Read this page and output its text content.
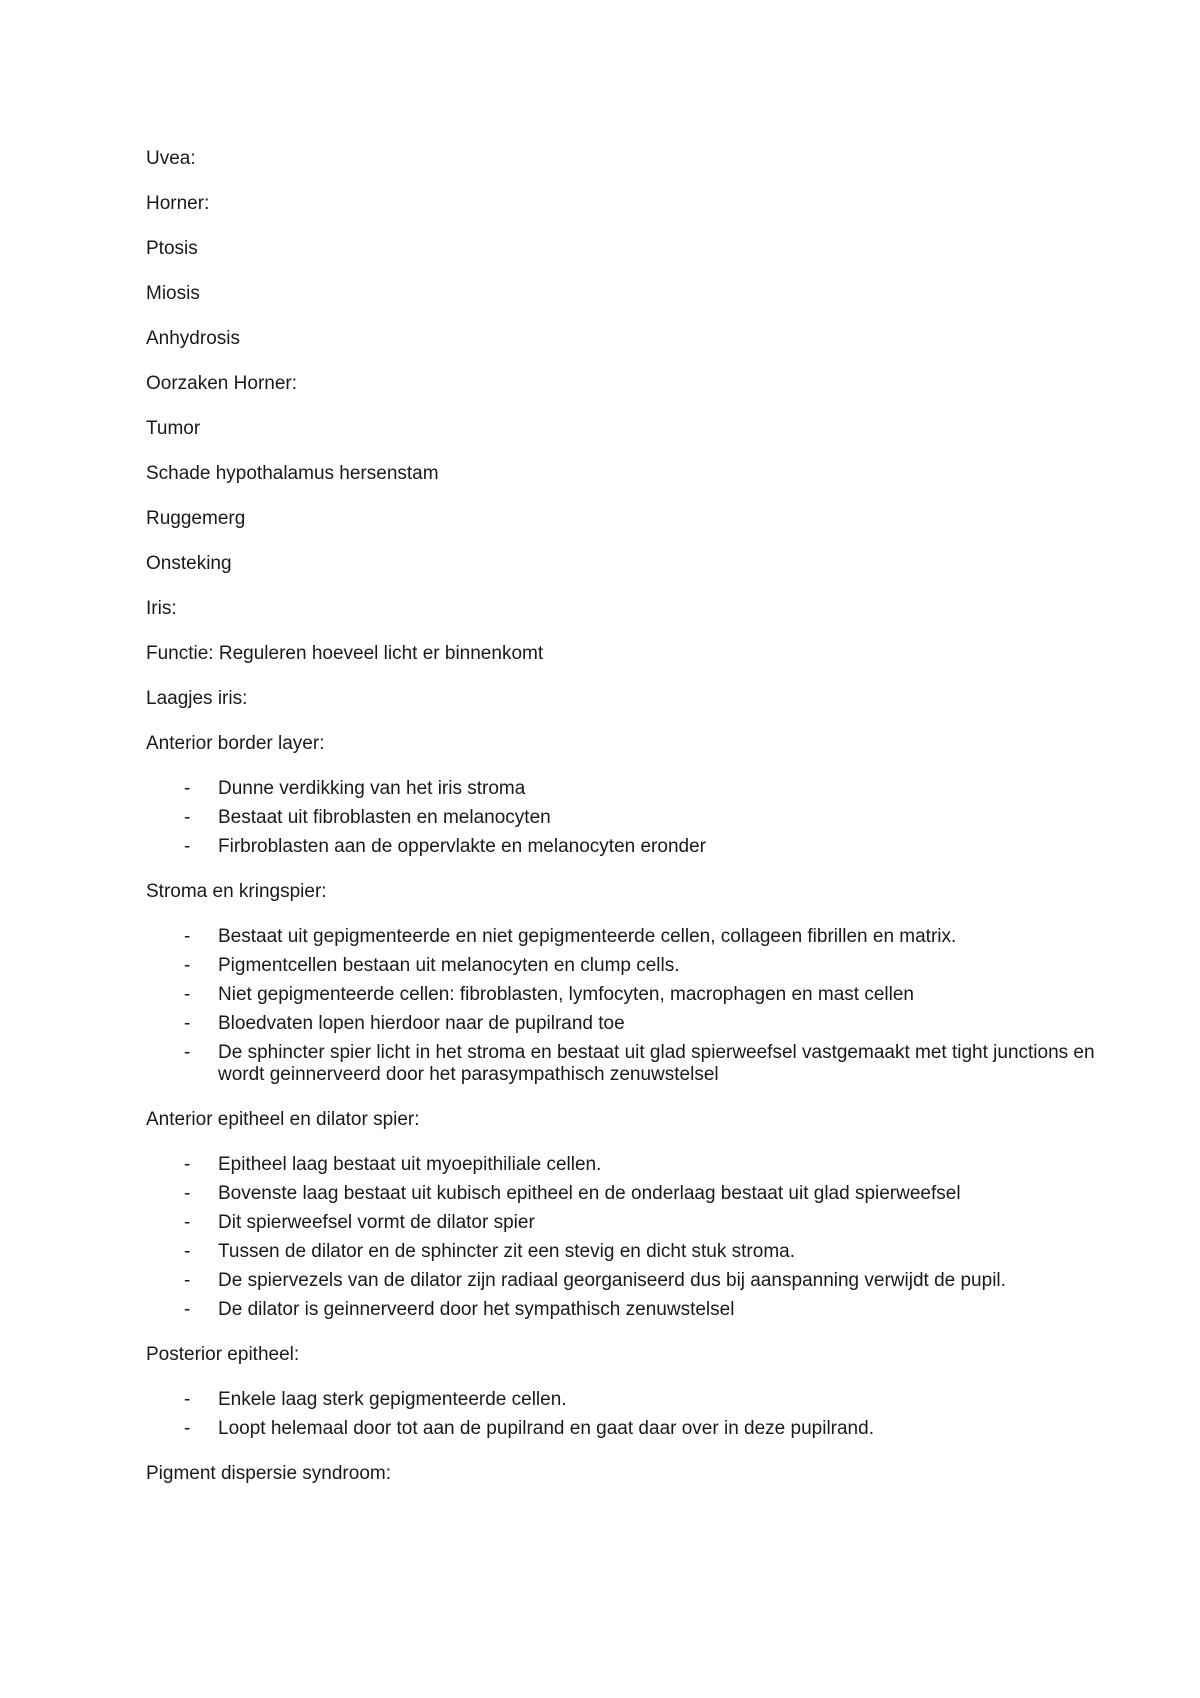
Uvea:

Horner:

Ptosis

Miosis

Anhydrosis

Oorzaken Horner:

Tumor

Schade hypothalamus hersenstam

Ruggemerg

Onsteking

Iris:

Functie: Reguleren hoeveel licht er binnenkomt

Laagjes iris:

Anterior border layer:

- Dunne verdikking van het iris stroma
- Bestaat uit fibroblasten en melanocyten
- Firbroblasten aan de oppervlakte en melanocyten eronder

Stroma en kringspier:

- Bestaat uit gepigmenteerde en niet gepigmenteerde cellen, collageen fibrillen en matrix.
- Pigmentcellen bestaan uit melanocyten en clump cells.
- Niet gepigmenteerde cellen: fibroblasten, lymfocyten, macrophagen en mast cellen
- Bloedvaten lopen hierdoor naar de pupilrand toe
- De sphincter spier licht in het stroma en bestaat uit glad spierweefsel vastgemaakt met tight junctions en wordt geinnerveerd door het parasympathisch zenuwstelsel

Anterior epitheel en dilator spier:

- Epitheel laag bestaat uit myoepithiliale cellen.
- Bovenste laag bestaat uit kubisch epitheel en de onderlaag bestaat uit glad spierweefsel
- Dit spierweefsel vormt de dilator spier
- Tussen de dilator en de sphincter zit een stevig en dicht stuk stroma.
- De spiervezels van de dilator zijn radiaal georganiseerd dus bij aanspanning verwijdt de pupil.
- De dilator is geinnerveerd door het sympathisch zenuwstelsel

Posterior epitheel:

- Enkele laag sterk gepigmenteerde cellen.
- Loopt helemaal door tot aan de pupilrand en gaat daar over in deze pupilrand.

Pigment dispersie syndroom:
